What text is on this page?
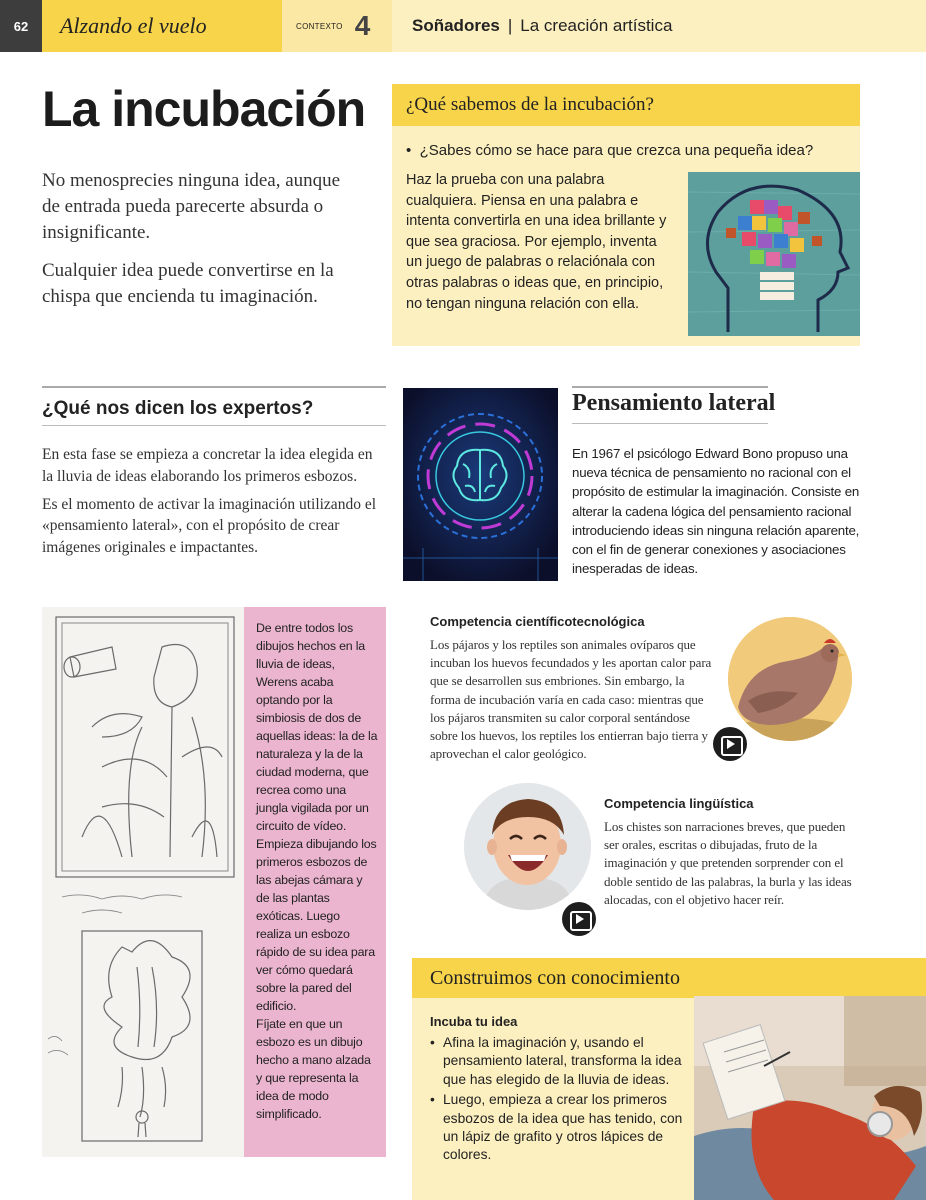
62	Alzando el vuelo	CONTEXTO 4 Soñadores | La creación artística
La incubación

No menosprecies ninguna idea, aunque de entrada pueda parecerte absurda o insignificante.

Cualquier idea puede convertirse en la chispa que encienda tu imaginación.

¿Qué sabemos de la incubación?
•  ¿Sabes cómo se hace para que crezca una pequeña idea?
Haz la prueba con una palabra cualquiera. Piensa en una palabra e intenta convertirla en una idea brillante y que sea graciosa. Por ejemplo, inventa un juego de palabras o relaciónala con otras palabras o ideas que, en principio, no tengan ninguna relación con ella.
¿Qué nos dicen los expertos?

En esta fase se empieza a concretar la idea elegida en la lluvia de ideas elaborando los primeros esbozos.

Es el momento de activar la imaginación utilizando el «pensamiento lateral», con el propósito de crear imágenes originales e impactantes.

Pensamiento lateral
En 1967 el psicólogo Edward Bono propuso una nueva técnica de pensamiento no racional con el propósito de estimular la imaginación. Consiste en alterar la cadena lógica del pensamiento racional introduciendo ideas sin ninguna relación aparente, con el fin de generar conexiones y asociaciones inesperadas de ideas.

De entre todos los dibujos hechos en la lluvia de ideas, Werens acaba optando por la simbiosis de dos de aquellas ideas: la de la naturaleza y la de la ciudad moderna, que recrea como una jungla vigilada por un circuito de vídeo.

Empieza dibujando los primeros esbozos de las abejas cámara y de las plantas exóticas. Luego realiza un esbozo rápido de su idea para ver cómo quedará sobre la pared del edificio.

Fíjate en que un esbozo es un dibujo hecho a mano alzada y que representa la idea de modo simplificado.

Competencia científicotecnológica
Los pájaros y los reptiles son animales ovíparos que incuban los huevos fecundados y les aportan calor para que se desarrollen sus embriones. Sin embargo, la forma de incubación varía en cada caso: mientras que los pájaros transmiten su calor corporal sentándose sobre los huevos, los reptiles los entierran bajo tierra y aprovechan el calor geológico.
Competencia lingüística
Los chistes son narraciones breves, que pueden ser orales, escritas o dibujadas, fruto de la imaginación y que pretenden sorprender con el doble sentido de las palabras, la burla y las ideas alocadas, con el objetivo hacer reír.
Construimos con conocimiento
Incuba tu idea
• Afina la imaginación y, usando el pensamiento lateral, transforma la idea que has elegido de la lluvia de ideas.
• Luego, empieza a crear los primeros esbozos de la idea que has tenido, con un lápiz de grafito y otros lápices de colores.
